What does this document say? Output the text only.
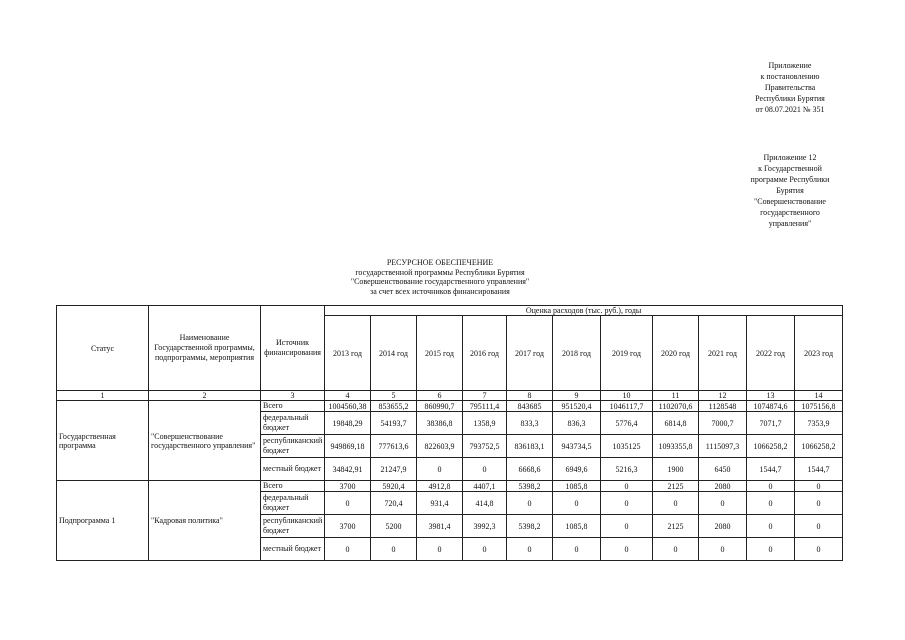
Приложение
к постановлению
Правительства
Республики Бурятия
от 08.07.2021 № 351
Приложение 12
к Государственной
программе Республики
Бурятия
"Совершенствование
государственного
управления"
РЕСУРСНОЕ ОБЕСПЕЧЕНИЕ
государственной программы Республики Бурятия
"Совершенствование государственного управления"
за счет всех источников финансирования
Статус	Наименование Государственной программы, подпрограммы, мероприятия	Источник финансирования	Оценка расходов (тыс. руб.), годы										
			2013 год	2014 год	2015 год	2016 год	2017 год	2018 год	2019 год	2020 год	2021 год	2022 год	2023 год
1	2	3	4	5	6	7	8	9	10	11	12	13	14
Государственная программа	"Совершенствование государственного управления"	Всего	1004560,38	853655,2	860990,7	795111,4	843685	951520,4	1046117,7	1102070,6	1128548	1074874,6	1075156,8
		федеральный бюджет	19848,29	54193,7	38386,8	1358,9	833,3	836,3	5776,4	6814,8	7000,7	7071,7	7353,9
		республиканский бюджет	949869,18	777613,6	822603,9	793752,5	836183,1	943734,5	1035125	1093355,8	1115097,3	1066258,2	1066258,2
		местный бюджет	34842,91	21247,9	0	0	6668,6	6949,6	5216,3	1900	6450	1544,7	1544,7
Подпрограмма 1	"Кадровая политика"	Всего	3700	5920,4	4912,8	4407,1	5398,2	1085,8	0	2125	2080	0	0
		федеральный бюджет	0	720,4	931,4	414,8	0	0	0	0	0	0	0
		республиканский бюджет	3700	5200	3981,4	3992,3	5398,2	1085,8	0	2125	2080	0	0
		местный бюджет	0	0	0	0	0	0	0	0	0	0	0
